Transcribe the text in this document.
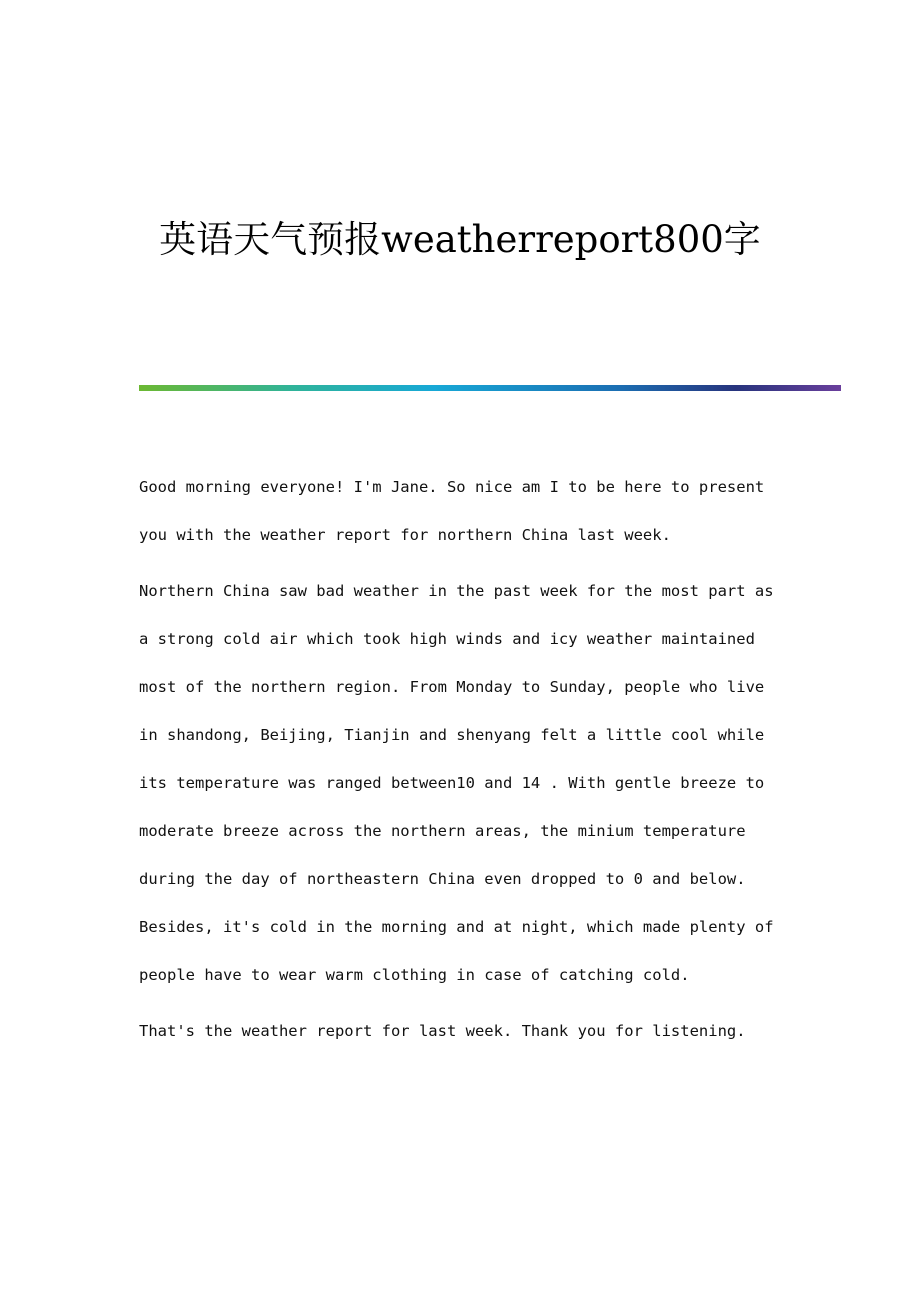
英语天气预报weatherreport800字

Good morning everyone! I'm Jane. So nice am I to be here to present
you with the weather report for northern China last week.

Northern China saw bad weather in the past week for the most part as
a strong cold air which took high winds and icy weather maintained
most of the northern region. From Monday to Sunday, people who live
in shandong, Beijing, Tianjin and shenyang felt a little cool while
its temperature was ranged between10 and 14 . With gentle breeze to
moderate breeze across the northern areas, the minium temperature
during the day of northeastern China even dropped to 0 and below.
Besides, it's cold in the morning and at night, which made plenty of
people have to wear warm clothing in case of catching cold.

That's the weather report for last week. Thank you for listening.
